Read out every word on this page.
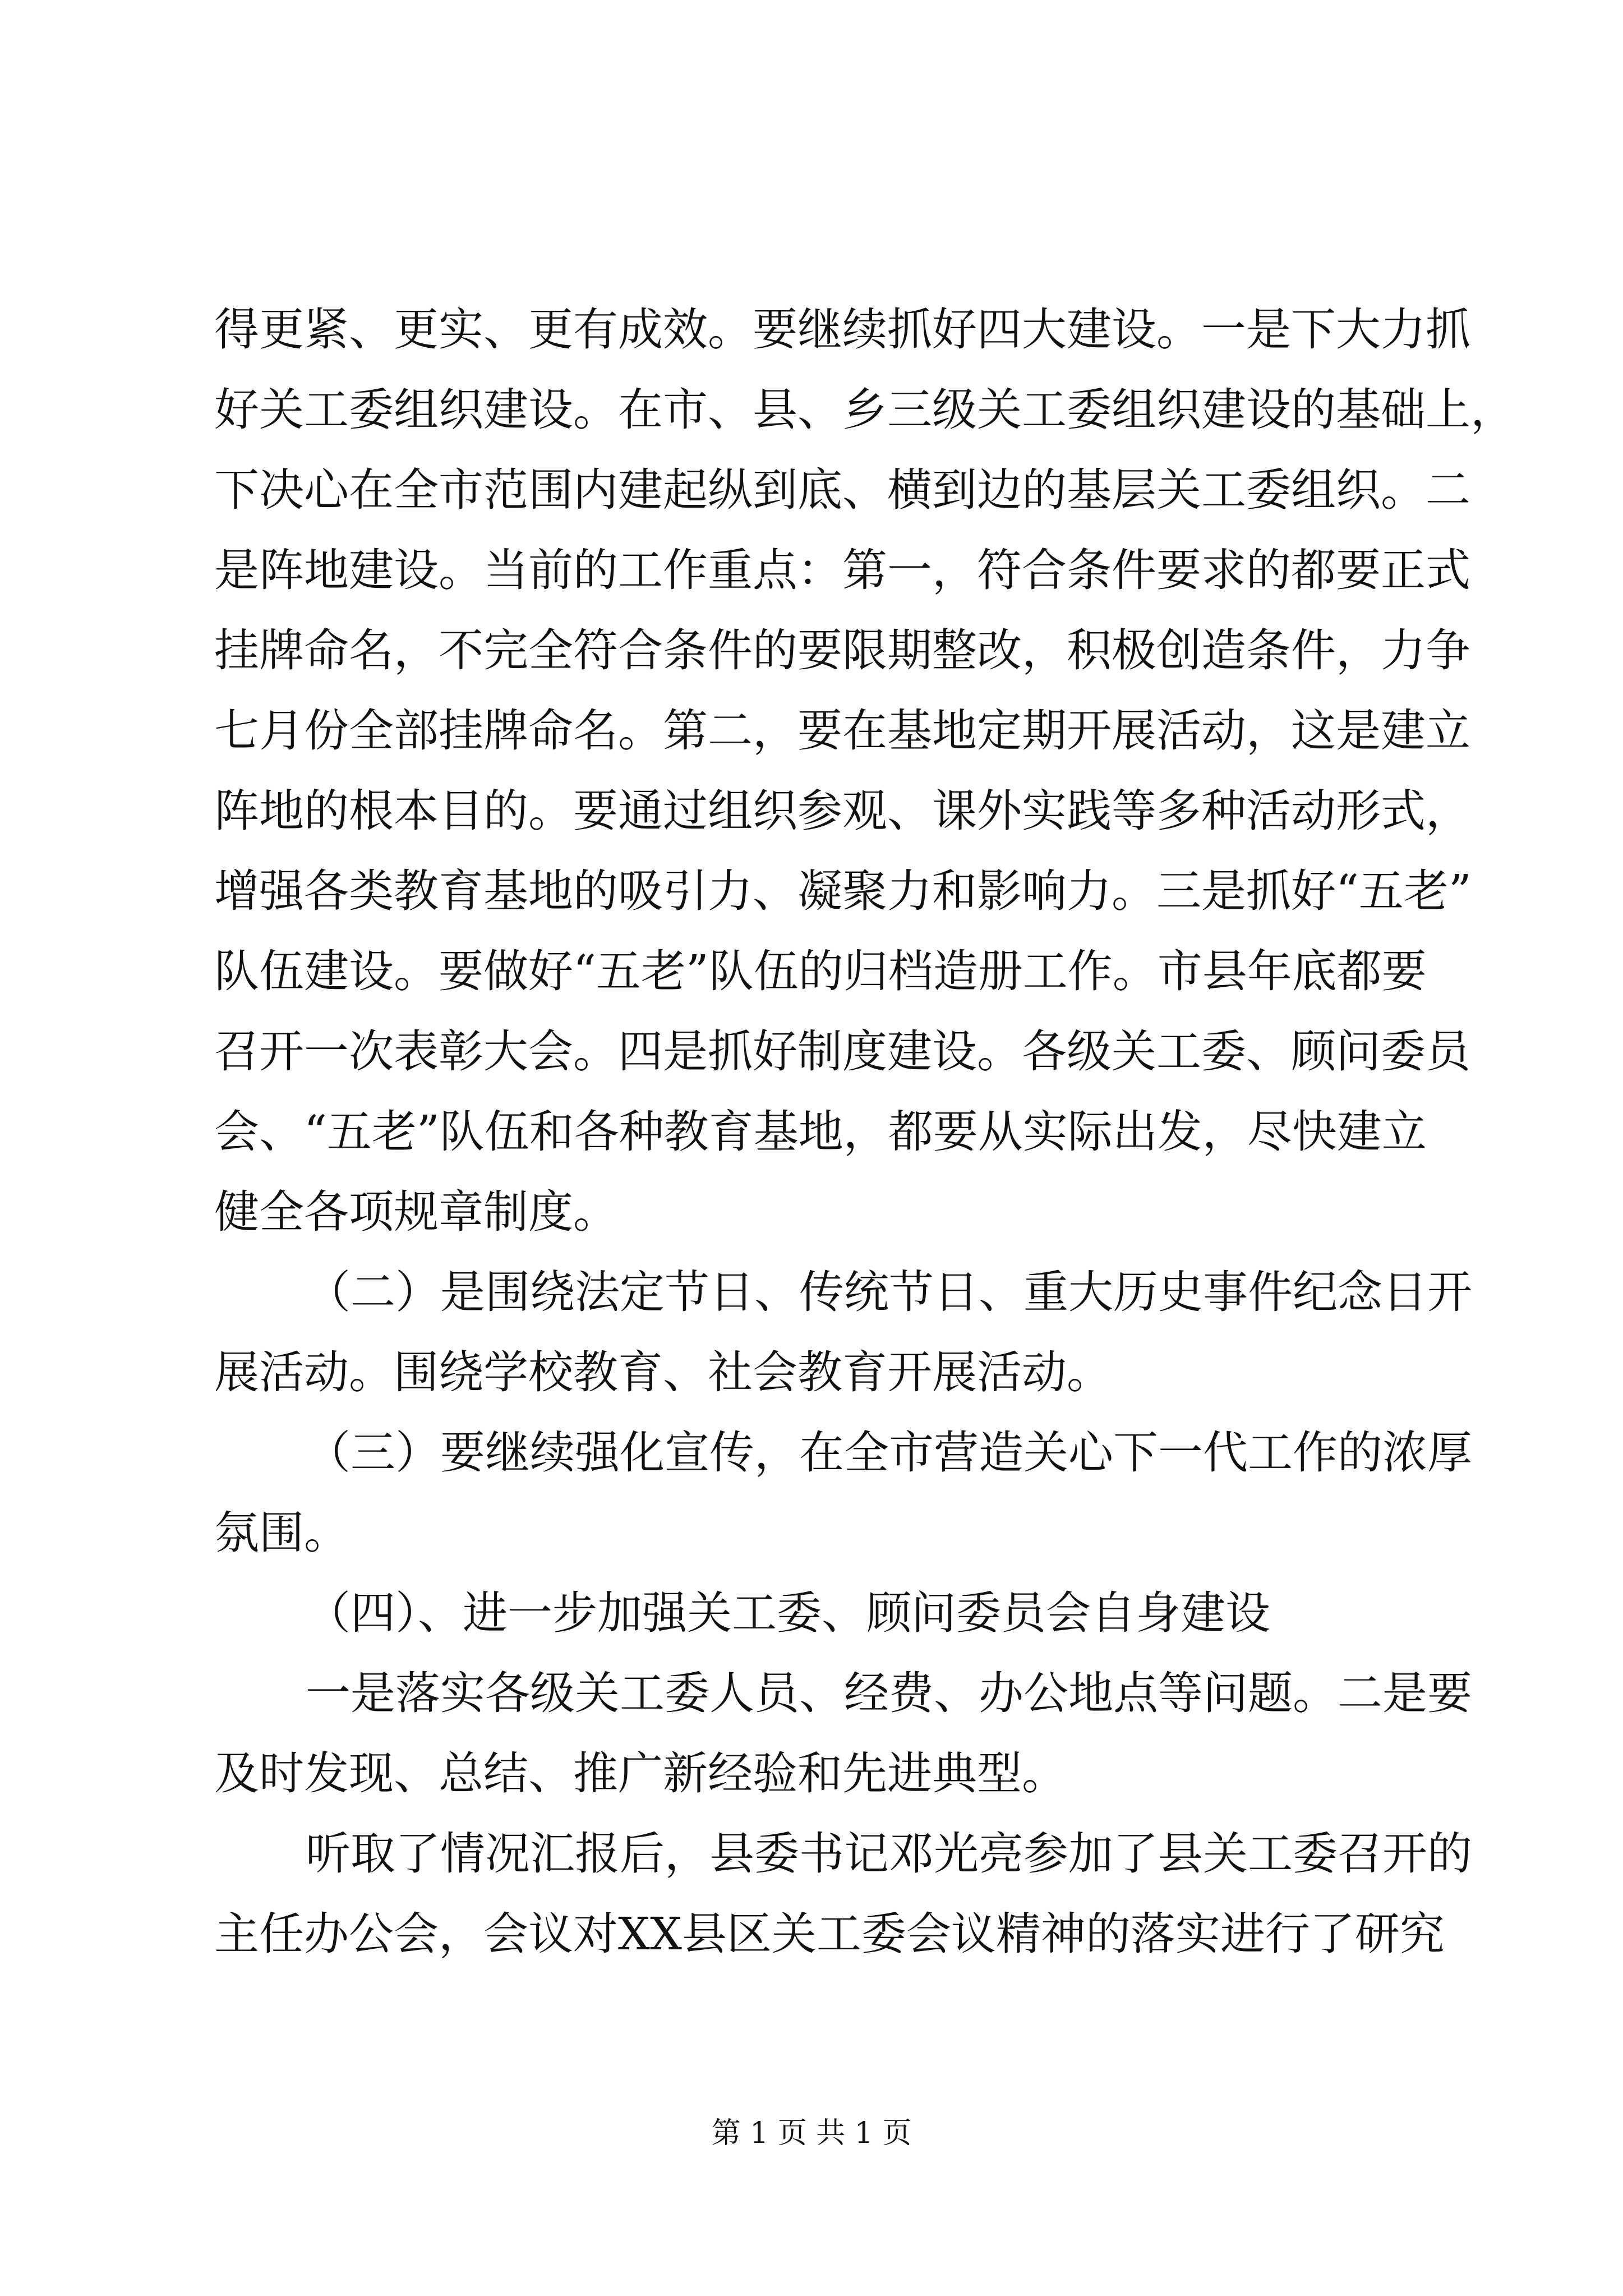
得更紧、更实、更有成效。要继续抓好四大建设。一是下大力抓
好关工委组织建设。在市、县、乡三级关工委组织建设的基础上，
下决心在全市范围内建起纵到底、横到边的基层关工委组织。二
是阵地建设。当前的工作重点：第一，符合条件要求的都要正式
挂牌命名，不完全符合条件的要限期整改，积极创造条件，力争
七月份全部挂牌命名。第二，要在基地定期开展活动，这是建立
阵地的根本目的。要通过组织参观、课外实践等多种活动形式，
增强各类教育基地的吸引力、凝聚力和影响力。三是抓好“五老”
队伍建设。要做好“五老”队伍的归档造册工作。市县年底都要
召开一次表彰大会。四是抓好制度建设。各级关工委、顾问委员
会、“五老”队伍和各种教育基地，都要从实际出发，尽快建立
健全各项规章制度。
（二）是围绕法定节日、传统节日、重大历史事件纪念日开
展活动。围绕学校教育、社会教育开展活动。
（三）要继续强化宣传，在全市营造关心下一代工作的浓厚
氛围。
（四）、进一步加强关工委、顾问委员会自身建设
一是落实各级关工委人员、经费、办公地点等问题。二是要
及时发现、总结、推广新经验和先进典型。
听取了情况汇报后，县委书记邓光亮参加了县关工委召开的
主任办公会，会议对XX县区关工委会议精神的落实进行了研究
第 1 页 共 1 页
